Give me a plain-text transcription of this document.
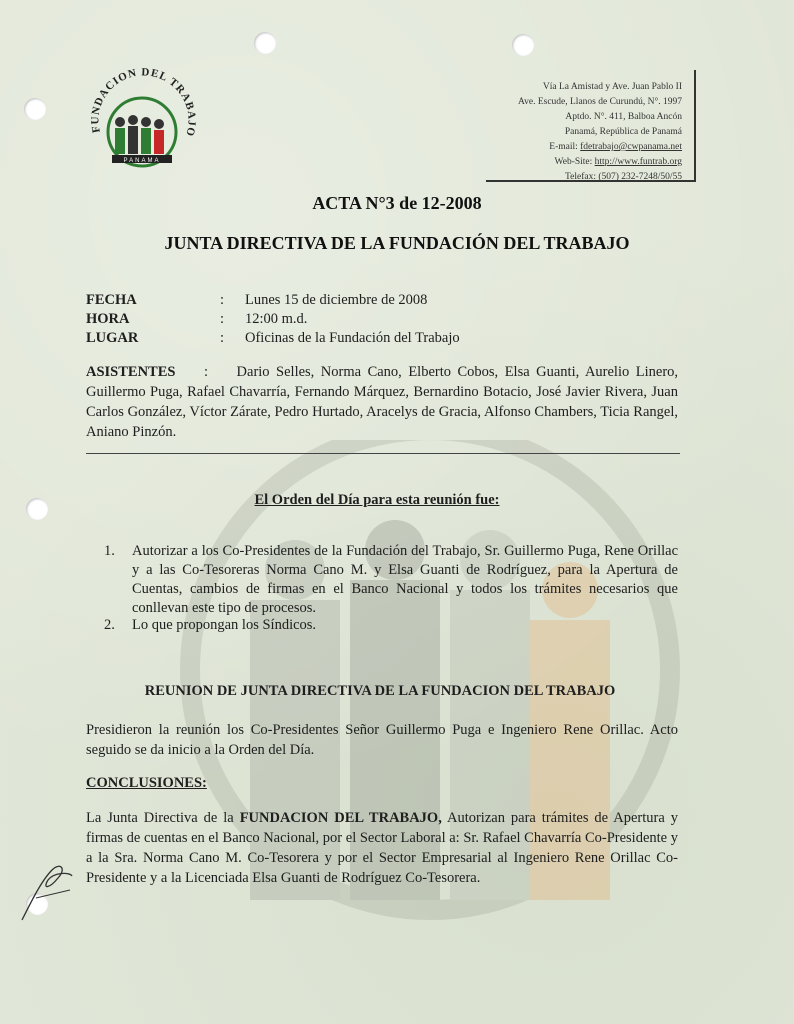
FUNDACION DEL TRABAJO
PANAMA
Vía La Amistad y Ave. Juan Pablo II
Ave. Escude, Llanos de Curundú, N°. 1997
Aptdo. N°. 411, Balboa Ancón
Panamá, República de Panamá
E-mail: fdetrabajo@cwpanama.net
Web-Site: http://www.funtrab.org
Telefax: (507) 232-7248/50/55
ACTA N°3 de 12-2008
JUNTA DIRECTIVA DE LA FUNDACIÓN DEL TRABAJO
FECHA	: Lunes 15 de diciembre de 2008
HORA	: 12:00 m.d.
LUGAR	: Oficinas de la Fundación del Trabajo
ASISTENTES : Dario Selles, Norma Cano, Elberto Cobos, Elsa Guanti, Aurelio Linero, Guillermo Puga, Rafael Chavarría, Fernando Márquez, Bernardino Botacio, José Javier Rivera, Juan Carlos González, Víctor Zárate, Pedro Hurtado, Aracelys de Gracia, Alfonso Chambers, Ticia Rangel, Aniano Pinzón.
El Orden del Día para esta reunión fue:
1. Autorizar a los Co-Presidentes de la Fundación del Trabajo, Sr. Guillermo Puga, Rene Orillac y a las Co-Tesoreras Norma Cano M. y Elsa Guanti de Rodríguez, para la Apertura de Cuentas, cambios de firmas en el Banco Nacional y todos los trámites necesarios que conllevan este tipo de procesos.
2. Lo que propongan los Síndicos.
REUNION DE JUNTA DIRECTIVA DE LA FUNDACION DEL TRABAJO
Presidieron la reunión los Co-Presidentes Señor Guillermo Puga e Ingeniero Rene Orillac. Acto seguido se da inicio a la Orden del Día.
CONCLUSIONES:
La Junta Directiva de la FUNDACION DEL TRABAJO, Autorizan para trámites de Apertura y firmas de cuentas en el Banco Nacional, por el Sector Laboral a: Sr. Rafael Chavarría Co-Presidente y a la Sra. Norma Cano M. Co-Tesorera y por el Sector Empresarial al Ingeniero Rene Orillac Co-Presidente y a la Licenciada Elsa Guanti de Rodríguez Co-Tesorera.
